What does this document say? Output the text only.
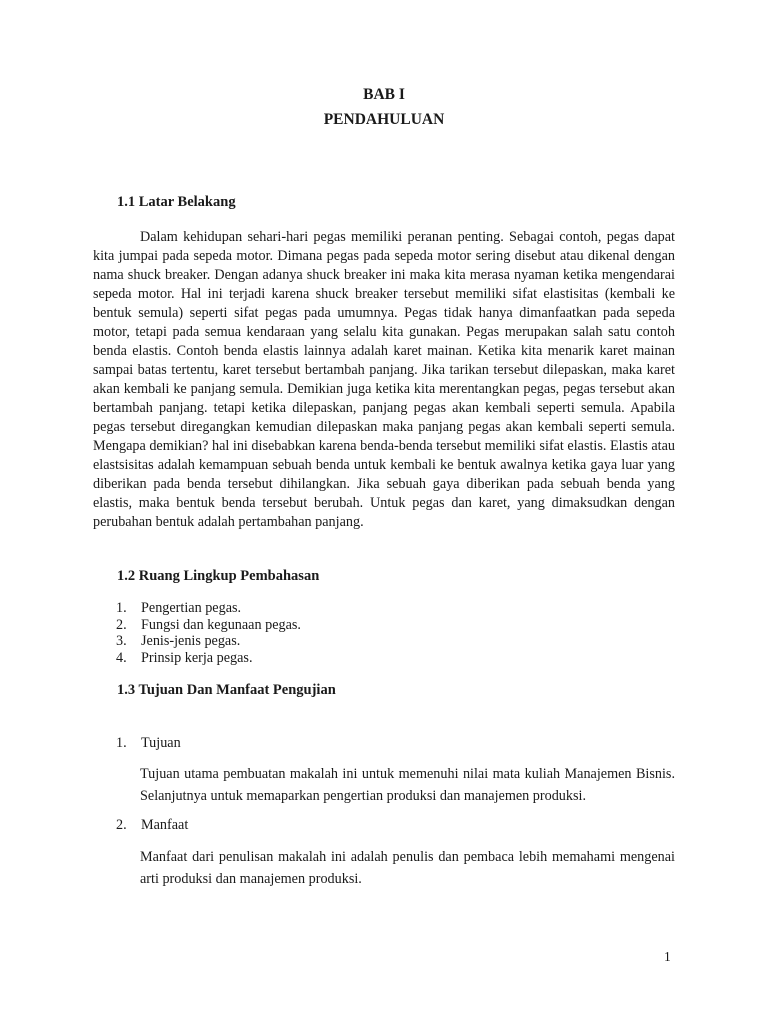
BAB I
PENDAHULUAN
1.1 Latar Belakang

Dalam kehidupan sehari-hari pegas memiliki peranan penting. Sebagai contoh, pegas dapat kita jumpai pada sepeda motor. Dimana pegas pada sepeda motor sering disebut atau dikenal dengan nama shuck breaker. Dengan adanya shuck breaker ini maka kita merasa nyaman ketika mengendarai sepeda motor. Hal ini terjadi karena shuck breaker tersebut memiliki sifat elastisitas (kembali ke bentuk semula) seperti sifat pegas pada umumnya. Pegas tidak hanya dimanfaatkan pada sepeda motor, tetapi pada semua kendaraan yang selalu kita gunakan. Pegas merupakan salah satu contoh benda elastis. Contoh benda elastis lainnya adalah karet mainan. Ketika kita menarik karet mainan sampai batas tertentu, karet tersebut bertambah panjang. Jika tarikan tersebut dilepaskan, maka karet akan kembali ke panjang semula. Demikian juga ketika kita merentangkan pegas, pegas tersebut akan bertambah panjang. tetapi ketika dilepaskan, panjang pegas akan kembali seperti semula. Apabila pegas tersebut diregangkan kemudian dilepaskan maka panjang pegas akan kembali seperti semula. Mengapa demikian? hal ini disebabkan karena benda-benda tersebut memiliki sifat elastis. Elastis atau elastsisitas adalah kemampuan sebuah benda untuk kembali ke bentuk awalnya ketika gaya luar yang diberikan pada benda tersebut dihilangkan. Jika sebuah gaya diberikan pada sebuah benda yang elastis, maka bentuk benda tersebut berubah. Untuk pegas dan karet, yang dimaksudkan dengan perubahan bentuk adalah pertambahan panjang.

1.2 Ruang Lingkup Pembahasan
1. Pengertian pegas.
2. Fungsi dan kegunaan pegas.
3. Jenis-jenis pegas.
4. Prinsip kerja pegas.
1.3 Tujuan Dan Manfaat Pengujian
1. Tujuan

Tujuan utama pembuatan makalah ini untuk memenuhi nilai mata kuliah Manajemen Bisnis. Selanjutnya untuk memaparkan pengertian produksi dan manajemen produksi.

2. Manfaat

Manfaat dari penulisan makalah ini adalah penulis dan pembaca lebih memahami mengenai arti produksi dan manajemen produksi.

1
